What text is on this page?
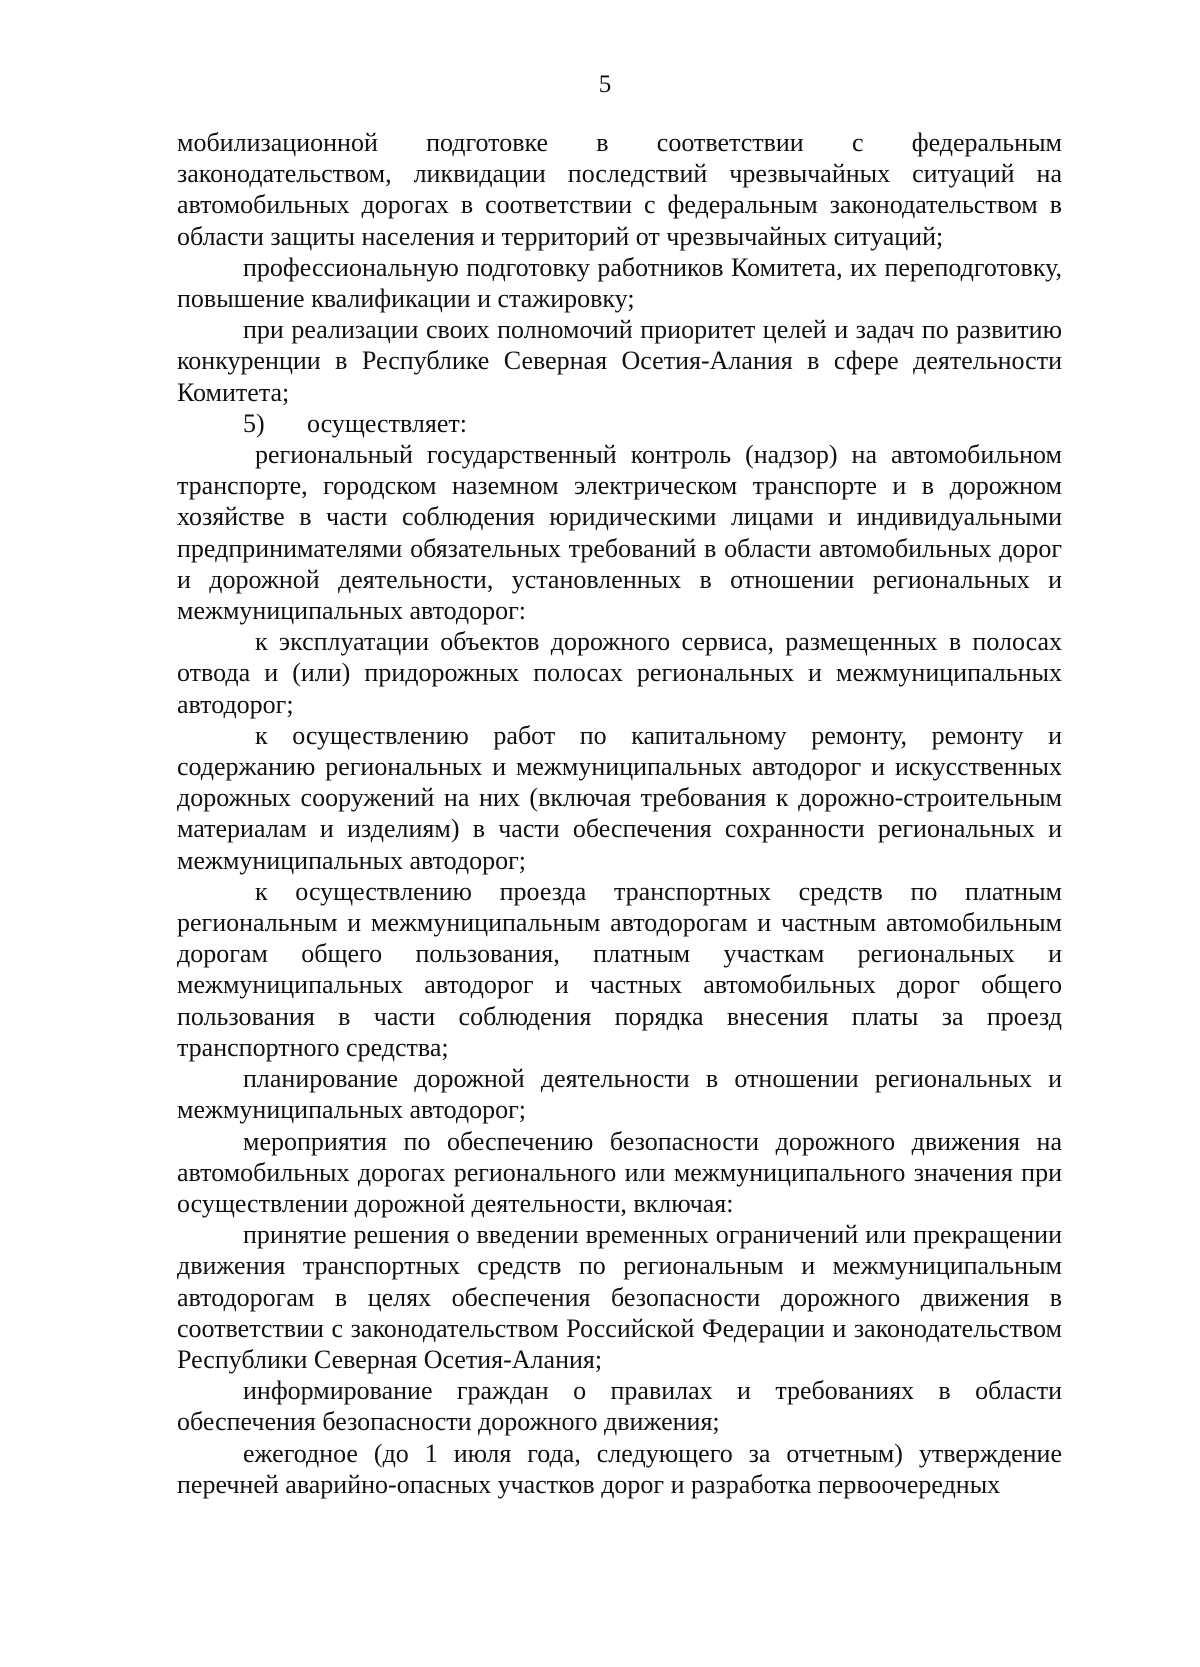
5

мобилизационной подготовке в соответствии с федеральным законодательством, ликвидации последствий чрезвычайных ситуаций на автомобильных дорогах в соответствии с федеральным законодательством в области защиты населения и территорий от чрезвычайных ситуаций;

профессиональную подготовку работников Комитета, их переподготовку, повышение квалификации и стажировку;

при реализации своих полномочий приоритет целей и задач по развитию конкуренции в Республике Северная Осетия-Алания в сфере деятельности Комитета;

5) осуществляет:

региональный государственный контроль (надзор) на автомобильном транспорте, городском наземном электрическом транспорте и в дорожном хозяйстве в части соблюдения юридическими лицами и индивидуальными предпринимателями обязательных требований в области автомобильных дорог и дорожной деятельности, установленных в отношении региональных и межмуниципальных автодорог:

к эксплуатации объектов дорожного сервиса, размещенных в полосах отвода и (или) придорожных полосах региональных и межмуниципальных автодорог;

к осуществлению работ по капитальному ремонту, ремонту и содержанию региональных и межмуниципальных автодорог и искусственных дорожных сооружений на них (включая требования к дорожно-строительным материалам и изделиям) в части обеспечения сохранности региональных и межмуниципальных автодорог;

к осуществлению проезда транспортных средств по платным региональным и межмуниципальным автодорогам и частным автомобильным дорогам общего пользования, платным участкам региональных и межмуниципальных автодорог и частных автомобильных дорог общего пользования в части соблюдения порядка внесения платы за проезд транспортного средства;

планирование дорожной деятельности в отношении региональных и межмуниципальных автодорог;

мероприятия по обеспечению безопасности дорожного движения на автомобильных дорогах регионального или межмуниципального значения при осуществлении дорожной деятельности, включая:

принятие решения о введении временных ограничений или прекращении движения транспортных средств по региональным и межмуниципальным автодорогам в целях обеспечения безопасности дорожного движения в соответствии с законодательством Российской Федерации и законодательством Республики Северная Осетия-Алания;

информирование граждан о правилах и требованиях в области обеспечения безопасности дорожного движения;

ежегодное (до 1 июля года, следующего за отчетным) утверждение перечней аварийно-опасных участков дорог и разработка первоочередных
